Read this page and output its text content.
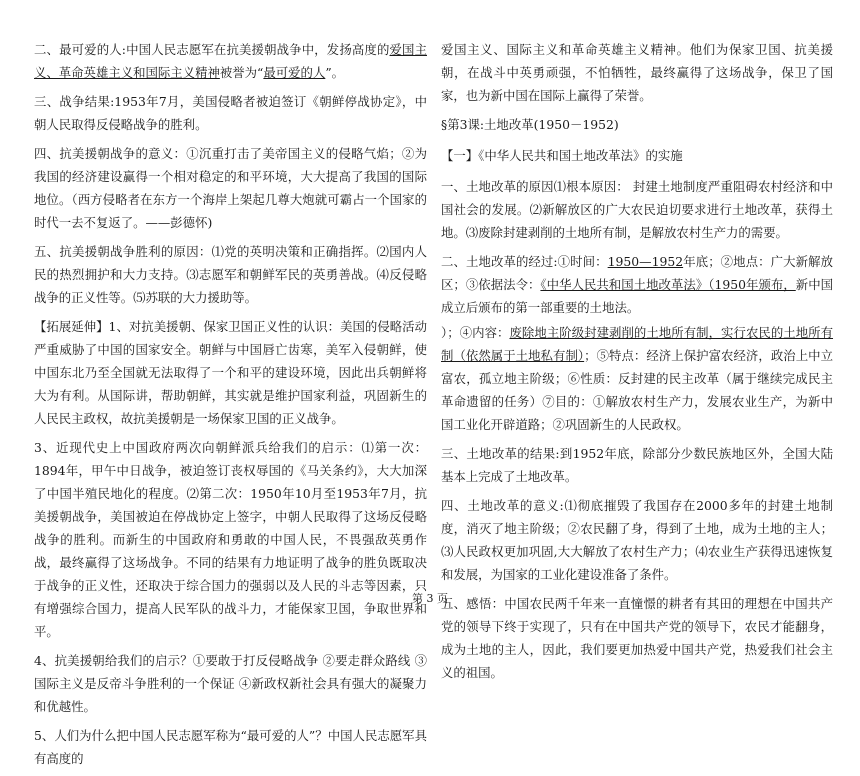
二、最可爱的人:中国人民志愿军在抗美援朝战争中，发扬高度的爱国主义、革命英雄主义和国际主义精神被誉为“最可爱的人”。

三、战争结果:1953年7月，美国侵略者被迫签订《朝鲜停战协定》，中朝人民取得反侵略战争的胜利。

四、抗美援朝战争的意义：①沉重打击了美帝国主义的侵略气焰；②为我国的经济建设赢得一个相对稳定的和平环境，大大提高了我国的国际地位。（西方侵略者在东方一个海岸上架起几尊大炮就可霸占一个国家的时代一去不复返了。——彭德怀)

五、抗美援朝战争胜利的原因：⑴党的英明决策和正确指挥。⑵国内人民的热烈拥护和大力支持。⑶志愿军和朝鲜军民的英勇善战。⑷反侵略战争的正义性等。⑸苏联的大力援助等。

【拓展延伸】1、对抗美援朝、保家卫国正义性的认识：美国的侵略活动严重威胁了中国的国家安全。朝鲜与中国唇亡齿寒，美军入侵朝鲜，使中国东北乃至全国就无法取得了一个和平的建设环境，因此出兵朝鲜将大为有利。从国际讲，帮助朝鲜，其实就是维护国家利益，巩固新生的人民民主政权，故抗美援朝是一场保家卫国的正义战争。

3、近现代史上中国政府两次向朝鲜派兵给我们的启示：⑴第一次：1894年，甲午中日战争，被迫签订丧权辱国的《马关条约》，大大加深了中国半殖民地化的程度。⑵第二次：1950年10月至1953年7月，抗美援朝战争，美国被迫在停战协定上签字，中朝人民取得了这场反侵略战争的胜利。而新生的中国政府和勇敢的中国人民，不畏强敌英勇作战，最终赢得了这场战争。不同的结果有力地证明了战争的胜负既取决于战争的正义性，还取决于综合国力的强弱以及人民的斗志等因素，只有增强综合国力，提高人民军队的战斗力，才能保家卫国，争取世界和平。

4、抗美援朝给我们的启示？①要敢于打反侵略战争 ②要走群众路线 ③国际主义是反帝斗争胜利的一个保证 ④新政权新社会具有强大的凝聚力和优越性。

5、人们为什么把中国人民志愿军称为“最可爱的人”？中国人民志愿军具有高度的

爱国主义、国际主义和革命英雄主义精神。他们为保家卫国、抗美援朝，在战斗中英勇顽强，不怕牺牲，最终赢得了这场战争，保卫了国家，也为新中国在国际上赢得了荣誉。

§第3课:土地改革(1950－1952)

【一】《中华人民共和国土地改革法》的实施

一、土地改革的原因⑴根本原因： 封建土地制度严重阻碍农村经济和中国社会的发展。⑵新解放区的广大农民迫切要求进行土地改革，获得土地。⑶废除封建剥削的土地所有制，是解放农村生产力的需要。

二、土地改革的经过:①时间：1950—1952年底；②地点：广大新解放区；③依据法令：《中华人民共和国土地改革法》（1950年颁布，新中国成立后颁布的第一部重要的土地法。

）；④内容：废除地主阶级封建剥削的土地所有制，实行农民的土地所有制（依然属于土地私有制）；⑤特点：经济上保护富农经济，政治上中立富农，孤立地主阶级；⑥性质：反封建的民主改革（属于继续完成民主革命遗留的任务）⑦目的：①解放农村生产力，发展农业生产，为新中国工业化开辟道路；②巩固新生的人民政权。

三、土地改革的结果:到1952年底，除部分少数民族地区外，全国大陆基本上完成了土地改革。

四、土地改革的意义:⑴彻底摧毁了我国存在2000多年的封建土地制度，消灭了地主阶级；②农民翻了身，得到了土地，成为土地的主人；⑶人民政权更加巩固,大大解放了农村生产力；⑷农业生产获得迅速恢复和发展，为国家的工业化建设准备了条件。

五、感悟：中国农民两千年来一直憧憬的耕者有其田的理想在中国共产党的领导下终于实现了，只有在中国共产党的领导下，农民才能翻身，成为土地的主人，因此，我们要更加热爱中国共产党，热爱我们社会主义的祖国。

第 3 页
